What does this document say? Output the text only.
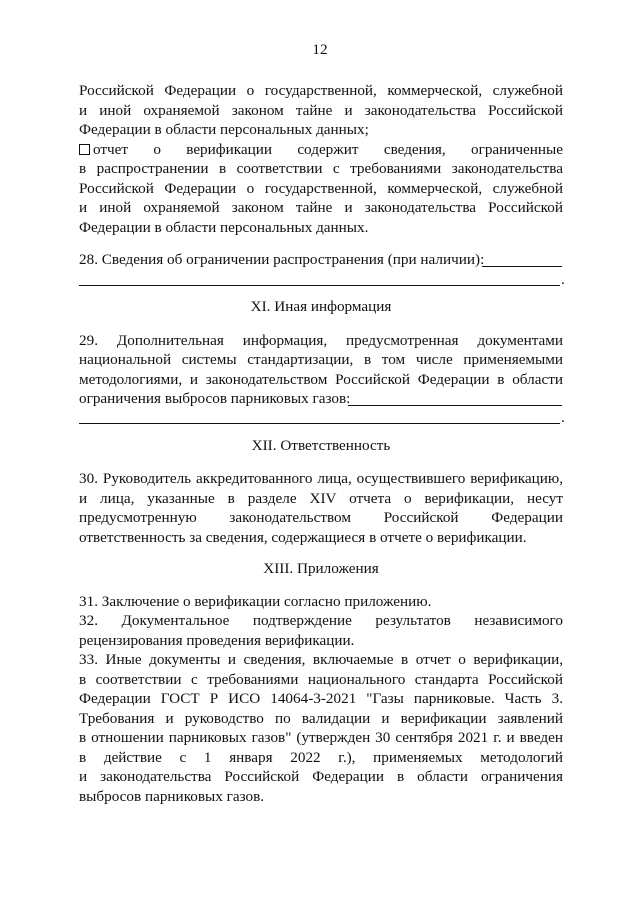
12
Российской Федерации о государственной, коммерческой, служебной
и иной охраняемой законом тайне и законодательства Российской
Федерации в области персональных данных;
отчет о верификации содержит сведения, ограниченные
в распространении в соответствии с требованиями законодательства
Российской Федерации о государственной, коммерческой, служебной
и иной охраняемой законом тайне и законодательства Российской
Федерации в области персональных данных.
28. Сведения об ограничении распространения (при наличии):
.
XI. Иная информация
29. Дополнительная информация, предусмотренная документами
национальной системы стандартизации, в том числе применяемыми
методологиями, и законодательством Российской Федерации в области
ограничения выбросов парниковых газов:
.
XII. Ответственность
30. Руководитель аккредитованного лица, осуществившего верификацию,
и лица, указанные в разделе XIV отчета о верификации, несут
предусмотренную законодательством Российской Федерации
ответственность за сведения, содержащиеся в отчете о верификации.
XIII. Приложения
31. Заключение о верификации согласно приложению.
32. Документальное подтверждение результатов независимого
рецензирования проведения верификации.
33. Иные документы и сведения, включаемые в отчет о верификации,
в соответствии с требованиями национального стандарта Российской
Федерации ГОСТ Р ИСО 14064-3-2021 "Газы парниковые. Часть 3.
Требования и руководство по валидации и верификации заявлений
в отношении парниковых газов" (утвержден 30 сентября 2021 г. и введен
в действие с 1 января 2022 г.), применяемых методологий
и законодательства Российской Федерации в области ограничения
выбросов парниковых газов.
